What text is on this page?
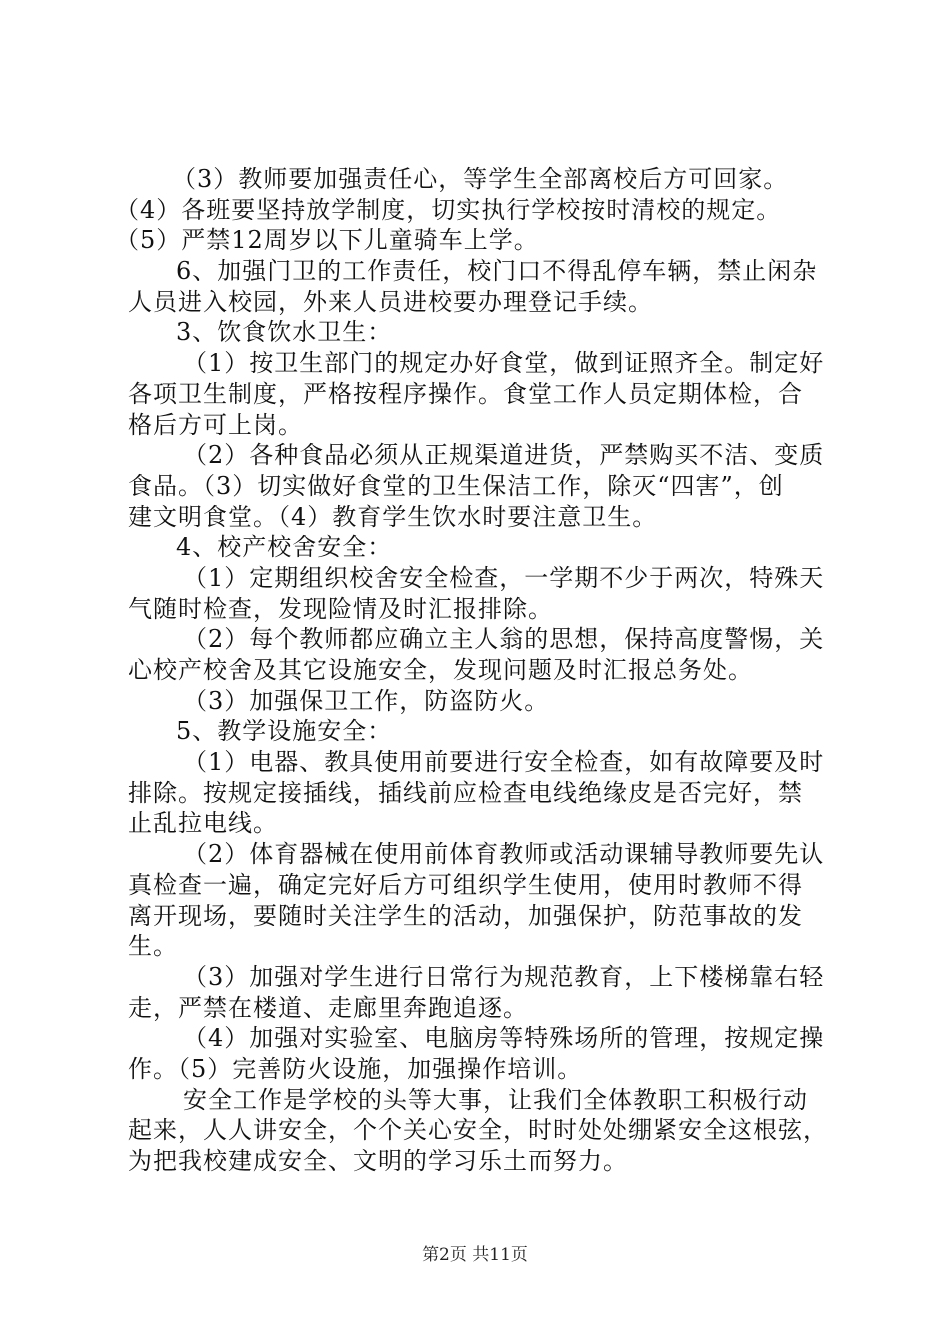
（3）教师要加强责任心，等学生全部离校后方可回家。
（4）各班要坚持放学制度，切实执行学校按时清校的规定。
（5）严禁12周岁以下儿童骑车上学。
6、加强门卫的工作责任，校门口不得乱停车辆，禁止闲杂
人员进入校园，外来人员进校要办理登记手续。
3、饮食饮水卫生：
（1）按卫生部门的规定办好食堂，做到证照齐全。制定好
各项卫生制度，严格按程序操作。食堂工作人员定期体检，合
格后方可上岗。
（2）各种食品必须从正规渠道进货，严禁购买不洁、变质
食品。（3）切实做好食堂的卫生保洁工作，除灭“四害”，创
建文明食堂。（4）教育学生饮水时要注意卫生。
4、校产校舍安全：
（1）定期组织校舍安全检查，一学期不少于两次，特殊天
气随时检查，发现险情及时汇报排除。
（2）每个教师都应确立主人翁的思想，保持高度警惕，关
心校产校舍及其它设施安全，发现问题及时汇报总务处。
（3）加强保卫工作，防盗防火。
5、教学设施安全：
（1）电器、教具使用前要进行安全检查，如有故障要及时
排除。按规定接插线，插线前应检查电线绝缘皮是否完好，禁
止乱拉电线。
（2）体育器械在使用前体育教师或活动课辅导教师要先认
真检查一遍，确定完好后方可组织学生使用，使用时教师不得
离开现场，要随时关注学生的活动，加强保护，防范事故的发
生。
（3）加强对学生进行日常行为规范教育，上下楼梯靠右轻
走，严禁在楼道、走廊里奔跑追逐。
（4）加强对实验室、电脑房等特殊场所的管理，按规定操
作。（5）完善防火设施，加强操作培训。
安全工作是学校的头等大事，让我们全体教职工积极行动
起来，人人讲安全，个个关心安全，时时处处绷紧安全这根弦，
为把我校建成安全、文明的学习乐土而努力。
第2页 共11页
